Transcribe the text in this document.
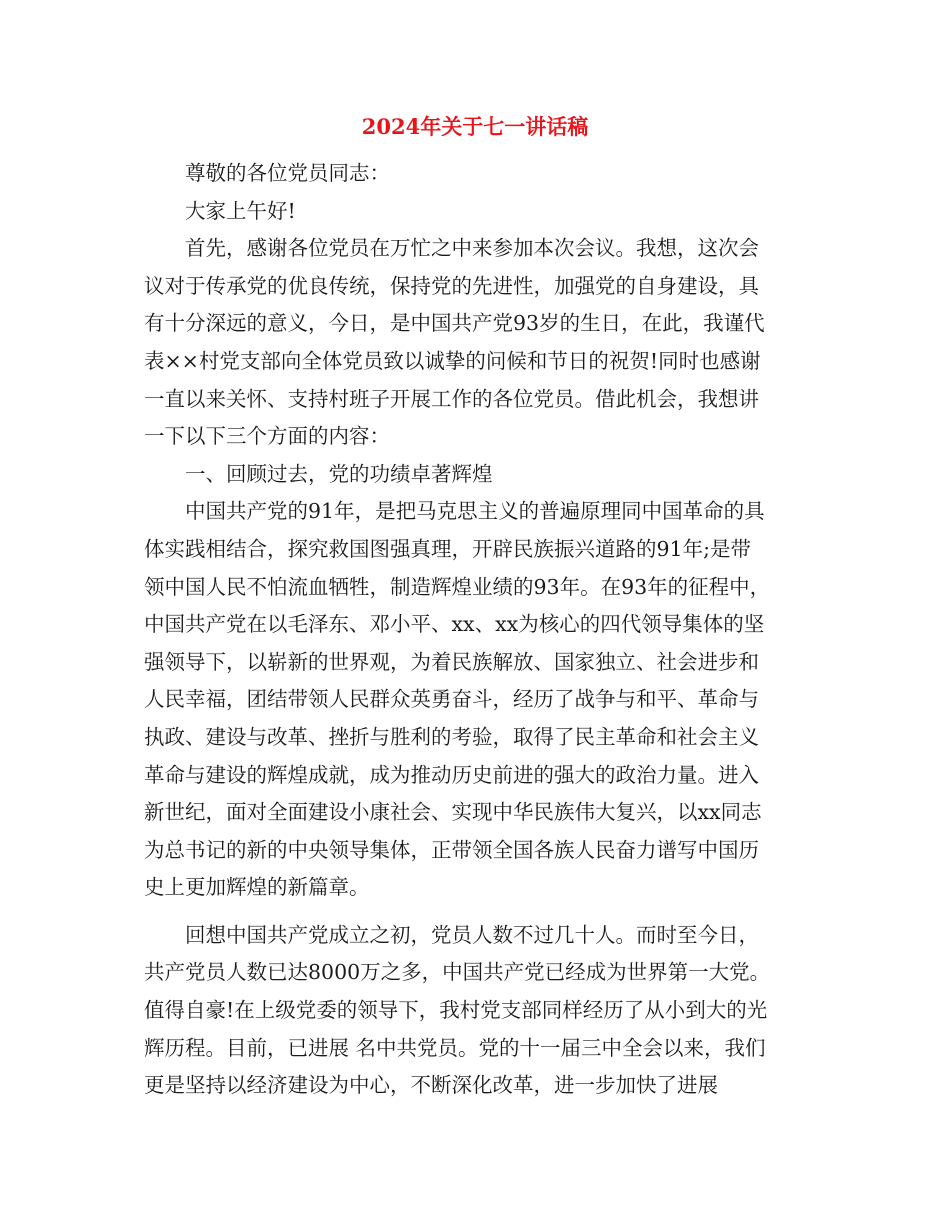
2024年关于七一讲话稿
尊敬的各位党员同志：
大家上午好!
首先，感谢各位党员在万忙之中来参加本次会议。我想，这次会
议对于传承党的优良传统，保持党的先进性，加强党的自身建设，具
有十分深远的意义，今日，是中国共产党93岁的生日，在此，我谨代
表××村党支部向全体党员致以诚挚的问候和节日的祝贺!同时也感谢
一直以来关怀、支持村班子开展工作的各位党员。借此机会，我想讲
一下以下三个方面的内容：
一、回顾过去，党的功绩卓著辉煌
中国共产党的91年，是把马克思主义的普遍原理同中国革命的具
体实践相结合，探究救国图强真理，开辟民族振兴道路的91年;是带
领中国人民不怕流血牺牲，制造辉煌业绩的93年。在93年的征程中，
中国共产党在以毛泽东、邓小平、xx、xx为核心的四代领导集体的坚
强领导下，以崭新的世界观，为着民族解放、国家独立、社会进步和
人民幸福，团结带领人民群众英勇奋斗，经历了战争与和平、革命与
执政、建设与改革、挫折与胜利的考验，取得了民主革命和社会主义
革命与建设的辉煌成就，成为推动历史前进的强大的政治力量。进入
新世纪，面对全面建设小康社会、实现中华民族伟大复兴，以xx同志
为总书记的新的中央领导集体，正带领全国各族人民奋力谱写中国历
史上更加辉煌的新篇章。
回想中国共产党成立之初，党员人数不过几十人。而时至今日，
共产党员人数已达8000万之多，中国共产党已经成为世界第一大党。
值得自豪!在上级党委的领导下，我村党支部同样经历了从小到大的光
辉历程。目前，已进展 名中共党员。党的十一届三中全会以来，我们
更是坚持以经济建设为中心，不断深化改革，进一步加快了进展
